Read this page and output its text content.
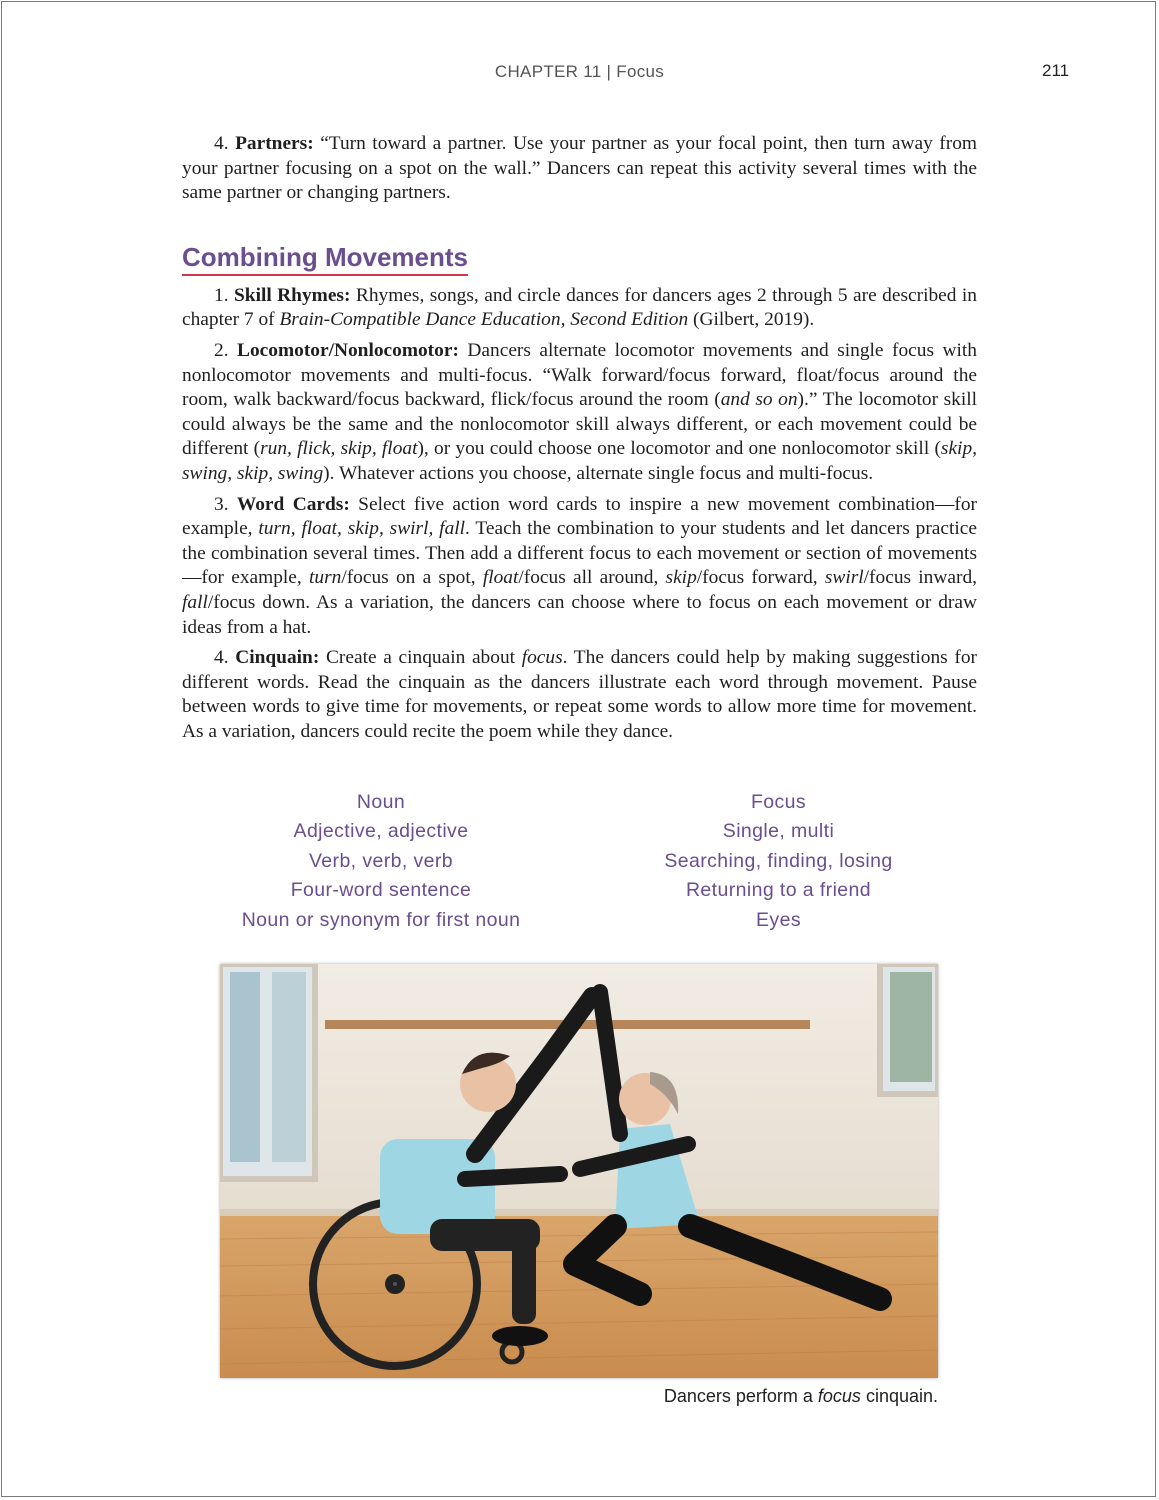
CHAPTER 11 | Focus	211

4. Partners: “Turn toward a partner. Use your partner as your focal point, then turn away from your partner focusing on a spot on the wall.” Dancers can repeat this activity several times with the same partner or changing partners.

Combining Movements

1. Skill Rhymes: Rhymes, songs, and circle dances for dancers ages 2 through 5 are described in chapter 7 of Brain-Compatible Dance Education, Second Edition (Gilbert, 2019).

2. Locomotor/Nonlocomotor: Dancers alternate locomotor movements and single focus with nonlocomotor movements and multi-focus. “Walk forward/focus forward, float/focus around the room, walk backward/focus backward, flick/focus around the room (and so on).” The locomotor skill could always be the same and the nonlocomotor skill always different, or each movement could be different (run, flick, skip, float), or you could choose one locomotor and one nonlocomotor skill (skip, swing, skip, swing). Whatever actions you choose, alternate single focus and multi-focus.

3. Word Cards: Select five action word cards to inspire a new movement combination—for example, turn, float, skip, swirl, fall. Teach the combination to your students and let dancers practice the combination several times. Then add a different focus to each movement or section of movements—for example, turn/focus on a spot, float/focus all around, skip/focus forward, swirl/focus inward, fall/focus down. As a variation, the dancers can choose where to focus on each movement or draw ideas from a hat.

4. Cinquain: Create a cinquain about focus. The dancers could help by making suggestions for different words. Read the cinquain as the dancers illustrate each word through movement. Pause between words to give time for movements, or repeat some words to allow more time for movement. As a variation, dancers could recite the poem while they dance.

Noun
Adjective, adjective
Verb, verb, verb
Four-word sentence
Noun or synonym for first noun
Focus
Single, multi
Searching, finding, losing
Returning to a friend
Eyes
Dancers perform a focus cinquain.
